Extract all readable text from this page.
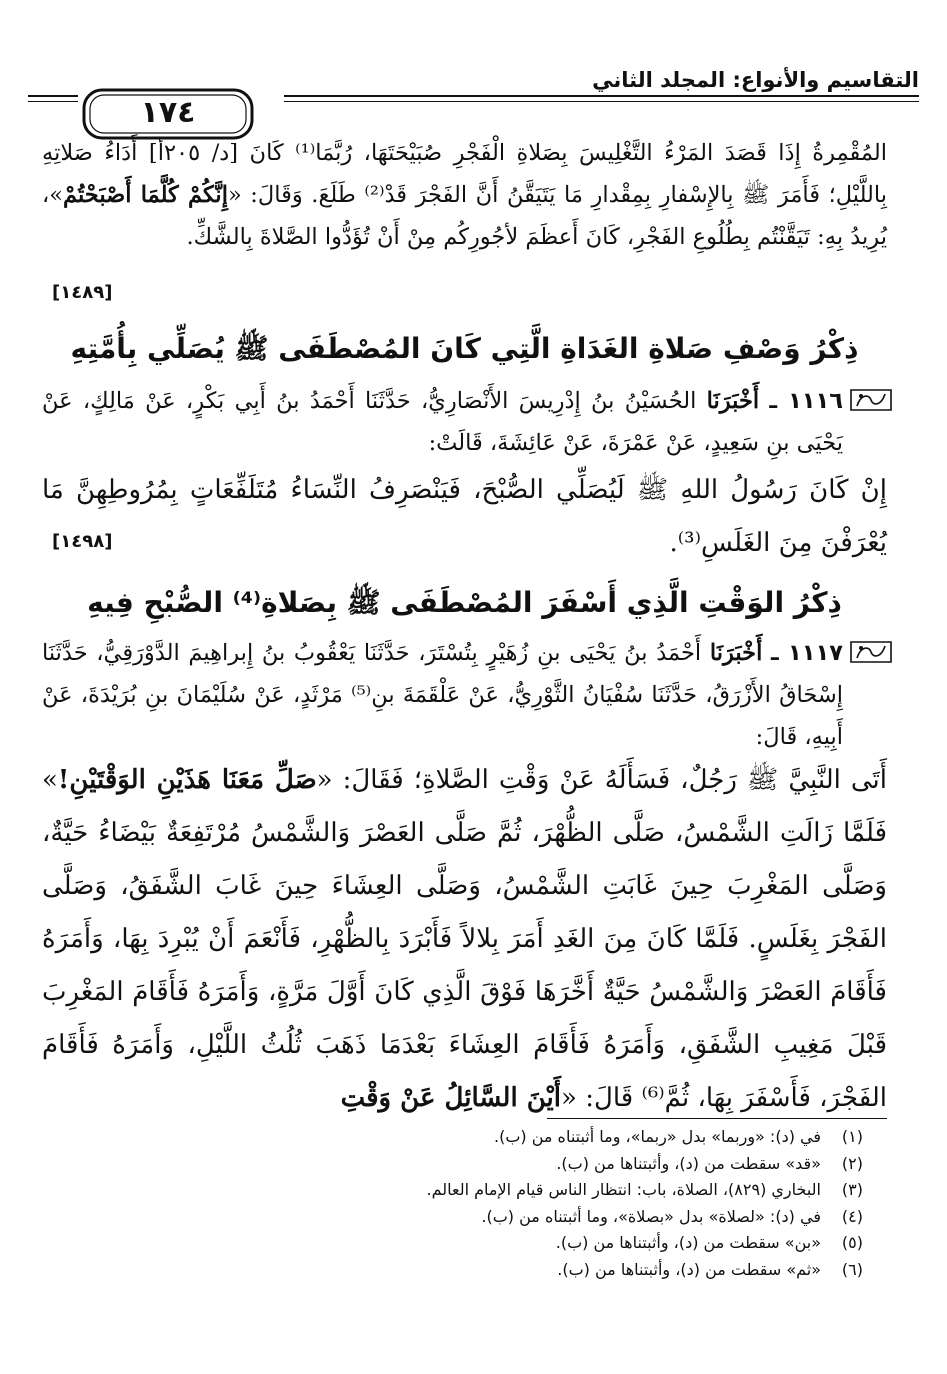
التقاسيم والأنواع: المجلد الثاني
١٧٤

المُقْمِرةُ إِذَا قَصَدَ المَرْءُ التَّغْلِيسَ بِصَلاةِ الْفَجْرِ صُبَيْحَتَهَا، رُبَّمَا⁽¹⁾ كَانَ [د/ ٢٠٥أ] أَدَاءُ صَلاتِهِ بِاللَّيْلِ؛ فَأَمَرَ ﷺ بِالإِسْفارِ بِمِقْدارِ مَا يَتَيَقَّنُ أَنَّ الفَجْرَ قَدْ⁽²⁾ طَلَعَ. وَقَالَ: «إِنَّكُمْ كُلَّمَا أَصْبَحْتُمْ»، يُرِيدُ بِهِ: تَيَقَّنْتُم بِطُلُوعِ الفَجْرِ، كَانَ أَعظَمَ لأجُورِكُم مِنْ أَنْ تُؤَدُّوا الصَّلاةَ بِالشَّكِّ.

[١٤٨٩]
ذِكْرُ وَصْفِ صَلاةِ الغَدَاةِ الَّتِي كَانَ المُصْطَفَى ﷺ يُصَلِّي بِأُمَّتِهِ

١١١٦ ـ أَخْبَرَنَا الحُسَيْنُ بنُ إِدْرِيسَ الأَنْصَارِيُّ، حَدَّثَنَا أَحْمَدُ بنُ أَبِي بَكْرٍ، عَنْ مَالِكٍ، عَنْ يَحْيَى بنِ سَعِيدٍ، عَنْ عَمْرَةَ، عَنْ عَائِشَةَ، قَالَتْ:

إِنْ كَانَ رَسُولُ اللهِ ﷺ لَيُصَلِّي الصُّبْحَ، فَيَنْصَرِفُ النِّسَاءُ مُتَلَفِّعَاتٍ بِمُرُوطِهِنَّ مَا يُعْرَفْنَ مِنَ الغَلَسِ⁽³⁾.

[١٤٩٨]
ذِكْرُ الوَقْتِ الَّذِي أَسْفَرَ المُصْطَفَى ﷺ بِصَلاةِ⁽⁴⁾ الصُّبْحِ فِيهِ

١١١٧ ـ أَخْبَرَنَا أَحْمَدُ بنُ يَحْيَى بنِ زُهَيْرٍ بِتُسْتَرَ، حَدَّثَنَا يَعْقُوبُ بنُ إِبراهِيمَ الدَّوْرَقِيُّ، حَدَّثَنَا إِسْحَاقُ الأَزْرَقُ، حَدَّثَنَا سُفْيَانُ الثَّوْرِيُّ، عَنْ عَلْقَمَةَ بنِ⁽⁵⁾ مَرْثَدٍ، عَنْ سُلَيْمَانَ بنِ بُرَيْدَةَ، عَنْ أَبِيهِ، قَالَ:

أَتَى النَّبِيَّ ﷺ رَجُلٌ، فَسَأَلَهُ عَنْ وَقْتِ الصَّلاةِ؛ فَقَالَ: «صَلِّ مَعَنَا هَذَيْنِ الوَقْتَيْنِ!» فَلَمَّا زَالَتِ الشَّمْسُ، صَلَّى الظُّهْرَ، ثُمَّ صَلَّى العَصْرَ وَالشَّمْسُ مُرْتَفِعَةٌ بَيْضَاءُ حَيَّةٌ، وَصَلَّى المَغْرِبَ حِينَ غَابَتِ الشَّمْسُ، وَصَلَّى العِشَاءَ حِينَ غَابَ الشَّفَقُ، وَصَلَّى الفَجْرَ بِغَلَسٍ. فَلَمَّا كَانَ مِنَ الغَدِ أَمَرَ بِلالاً فَأَبْرَدَ بِالظُّهْرِ، فَأَنْعَمَ أَنْ يُبْرِدَ بِهَا، وَأَمَرَهُ فَأَقَامَ العَصْرَ وَالشَّمْسُ حَيَّةٌ أَخَّرَهَا فَوْقَ الَّذِي كَانَ أَوَّلَ مَرَّةٍ، وَأَمَرَهُ فَأَقَامَ المَغْرِبَ قَبْلَ مَغِيبِ الشَّفَقِ، وَأَمَرَهُ فَأَقَامَ العِشَاءَ بَعْدَمَا ذَهَبَ ثُلُثُ اللَّيْلِ، وَأَمَرَهُ فَأَقَامَ الفَجْرَ، فَأَسْفَرَ بِهَا، ثُمَّ⁽⁶⁾ قَالَ: «أَيْنَ السَّائِلُ عَنْ وَقْتِ

(١)في (د): «وربما» بدل «ربما»، وما أثبتناه من (ب).

(٢)«قد» سقطت من (د)، وأثبتناها من (ب).

(٣)البخاري (٨٢٩)، الصلاة، باب: انتظار الناس قيام الإمام العالم.

(٤)في (د): «لصلاة» بدل «بصلاة»، وما أثبتناه من (ب).

(٥)«بن» سقطت من (د)، وأثبتناها من (ب).

(٦)«ثم» سقطت من (د)، وأثبتناها من (ب).
